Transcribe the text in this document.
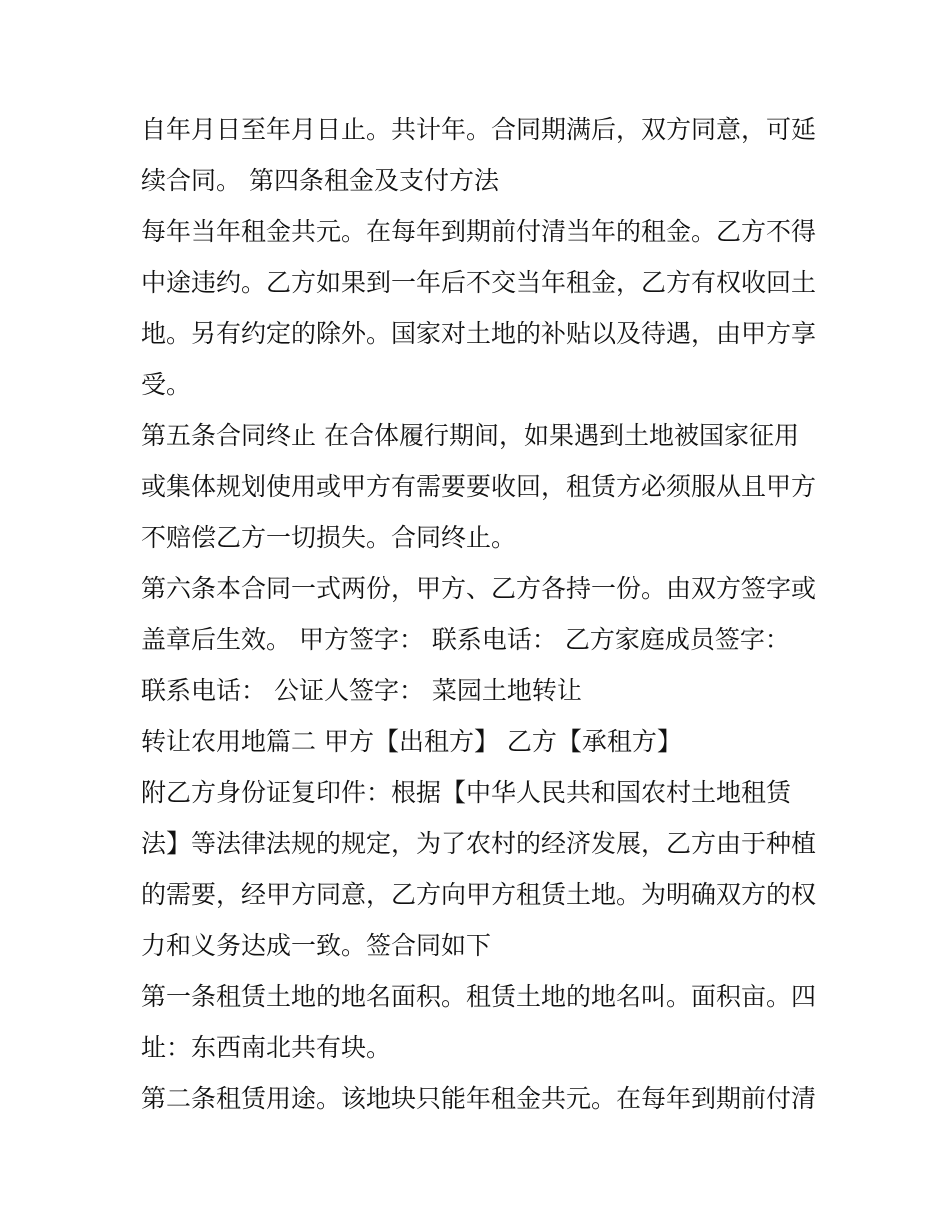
自年月日至年月日止。共计年。合同期满后，双方同意，可延
续合同。 第四条租金及支付方法
每年当年租金共元。在每年到期前付清当年的租金。乙方不得
中途违约。乙方如果到一年后不交当年租金，乙方有权收回土
地。另有约定的除外。国家对土地的补贴以及待遇，由甲方享
受。
第五条合同终止 在合体履行期间，如果遇到土地被国家征用
或集体规划使用或甲方有需要要收回，租赁方必须服从且甲方
不赔偿乙方一切损失。合同终止。
第六条本合同一式两份，甲方、乙方各持一份。由双方签字或
盖章后生效。 甲方签字： 联系电话： 乙方家庭成员签字：
联系电话： 公证人签字： 菜园土地转让
转让农用地篇二 甲方【出租方】 乙方【承租方】
附乙方身份证复印件：根据【中华人民共和国农村土地租赁
法】等法律法规的规定，为了农村的经济发展，乙方由于种植
的需要，经甲方同意，乙方向甲方租赁土地。为明确双方的权
力和义务达成一致。签合同如下
第一条租赁土地的地名面积。租赁土地的地名叫。面积亩。四
址：东西南北共有块。
第二条租赁用途。该地块只能年租金共元。在每年到期前付清
